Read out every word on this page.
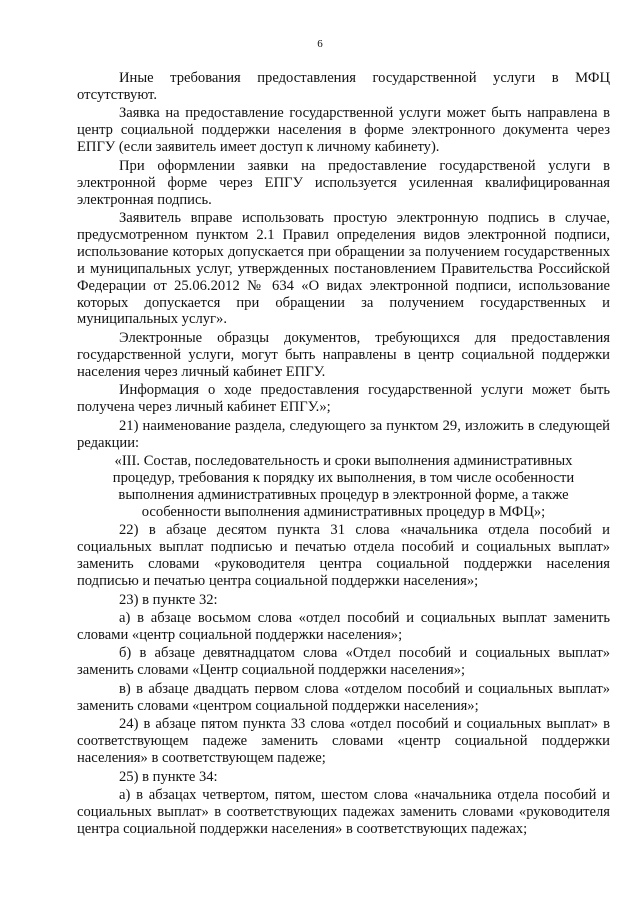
6

Иные требования предоставления государственной услуги в МФЦ отсутствуют.

Заявка на предоставление государственной услуги может быть направлена в центр социальной поддержки населения в форме электронного документа через ЕПГУ (если заявитель имеет доступ к личному кабинету).

При оформлении заявки на предоставление государственой услуги в электронной форме через ЕПГУ используется усиленная квалифицированная электронная подпись.

Заявитель вправе использовать простую электронную подпись в случае, предусмотренном пунктом 2.1 Правил определения видов электронной подписи, использование которых допускается при обращении за получением государственных и муниципальных услуг, утвержденных постановлением Правительства Российской Федерации от 25.06.2012 № 634 «О видах электронной подписи, использование которых допускается при обращении за получением государственных и муниципальных услуг».

Электронные образцы документов, требующихся для предоставления государственной услуги, могут быть направлены в центр социальной поддержки населения через личный кабинет ЕПГУ.

Информация о ходе предоставления государственной услуги может быть получена через личный кабинет ЕПГУ.»;

21) наименование раздела, следующего за пунктом 29, изложить в следующей редакции:

«III. Состав, последовательность и сроки выполнения административных процедур, требования к порядку их выполнения, в том числе особенности выполнения административных процедур в электронной форме, а также особенности выполнения административных процедур в МФЦ»;

22) в абзаце десятом пункта 31 слова «начальника отдела пособий и социальных выплат подписью и печатью отдела пособий и социальных выплат» заменить словами «руководителя центра социальной поддержки населения подписью и печатью центра социальной поддержки населения»;

23) в пункте 32:

а) в абзаце восьмом слова «отдел пособий и социальных выплат заменить словами «центр социальной поддержки населения»;

б) в абзаце девятнадцатом слова «Отдел пособий и социальных выплат» заменить словами «Центр социальной поддержки населения»;

в) в абзаце двадцать первом слова «отделом пособий и социальных выплат» заменить словами «центром социальной поддержки населения»;

24) в абзаце пятом пункта 33 слова «отдел пособий и социальных выплат» в соответствующем падеже заменить словами «центр социальной поддержки населения» в соответствующем падеже;

25) в пункте 34:

а) в абзацах четвертом, пятом, шестом слова «начальника отдела пособий и социальных выплат» в соответствующих падежах заменить словами «руководителя центра социальной поддержки населения» в соответствующих падежах;
